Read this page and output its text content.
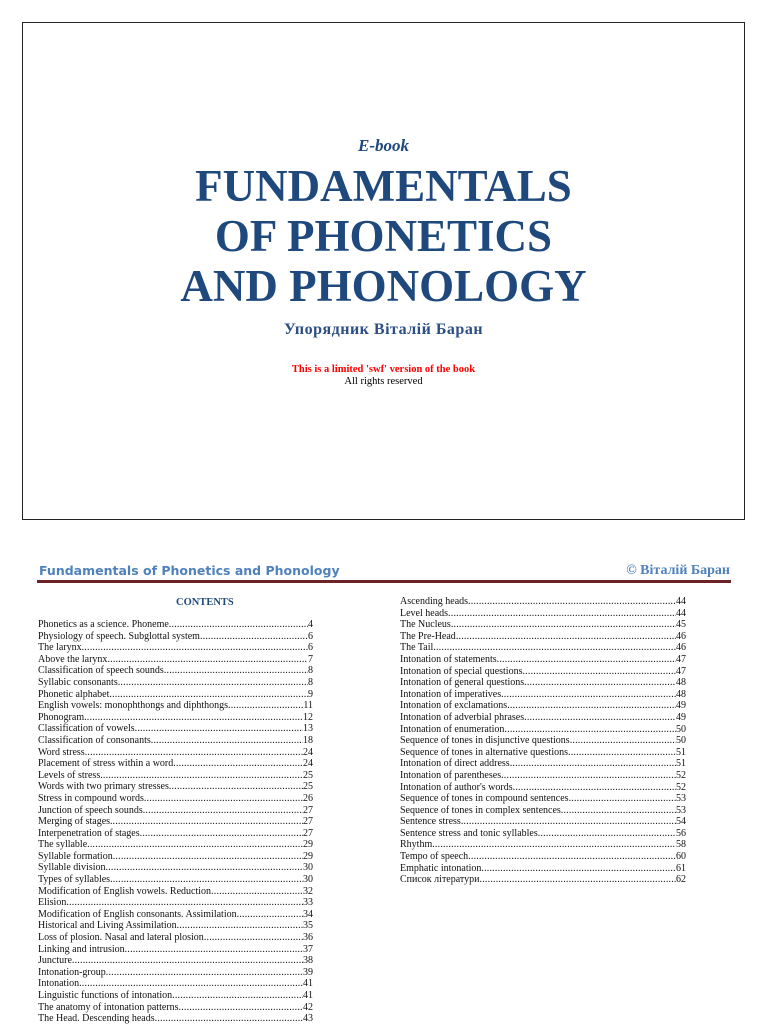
E-book
FUNDAMENTALS
OF PHONETICS
AND PHONOLOGY
Упорядник Віталій Баран
This is a limited 'swf' version of the book
All rights reserved
Fundamentals of Phonetics and Phonology	© Віталій Баран
CONTENTS
Phonetics as a science. Phoneme .....	4
Physiology of speech. Subglottal system .....	6
The larynx .....	6
Above the larynx .....	7
Classification of speech sounds .....	8
Syllabic consonants .....	8
Phonetic alphabet .....	9
English vowels: monophthongs and diphthongs .....	11
Phonogram .....	12
Classification of vowels .....	13
Classification of consonants .....	18
Word stress .....	24
Placement of stress within a word .....	24
Levels of stress .....	25
Words with two primary stresses .....	25
Stress in compound words .....	26
Junction of speech sounds .....	27
Merging of stages. .....	27
Interpenetration of stages .....	27
The syllable .....	29
Syllable formation .....	29
Syllable division .....	30
Types of syllables .....	30
Modification of English vowels. Reduction .....	32
Elision .....	33
Modification of English consonants. Assimilation .....	34
Historical and Living Assimilation .....	35
Loss of plosion. Nasal and lateral plosion .....	36
Linking and intrusion .....	37
Juncture .....	38
Intonation-group .....	39
Intonation .....	41
Linguistic functions of intonation .....	41
The anatomy of intonation patterns .....	42
The Head. Descending heads .....	43
Ascending heads .....	44
Level heads .....	44
The Nucleus .....	45
The Pre-Head .....	46
The Tail .....	46
Intonation of statements .....	47
Intonation of special questions .....	47
Intonation of general questions .....	48
Intonation of imperatives .....	48
Intonation of exclamations .....	49
Intonation of adverbial phrases .....	49
Intonation of enumeration .....	50
Sequence of tones in disjunctive questions .....	50
Sequence of tones in alternative questions .....	51
Intonation of direct address .....	51
Intonation of parentheses .....	52
Intonation of author's words .....	52
Sequence of tones in compound sentences .....	53
Sequence of tones in complex sentences .....	53
Sentence stress .....	54
Sentence stress and tonic syllables .....	56
Rhythm .....	58
Tempo of speech .....	60
Emphatic intonation .....	61
Список літератури .....	62
